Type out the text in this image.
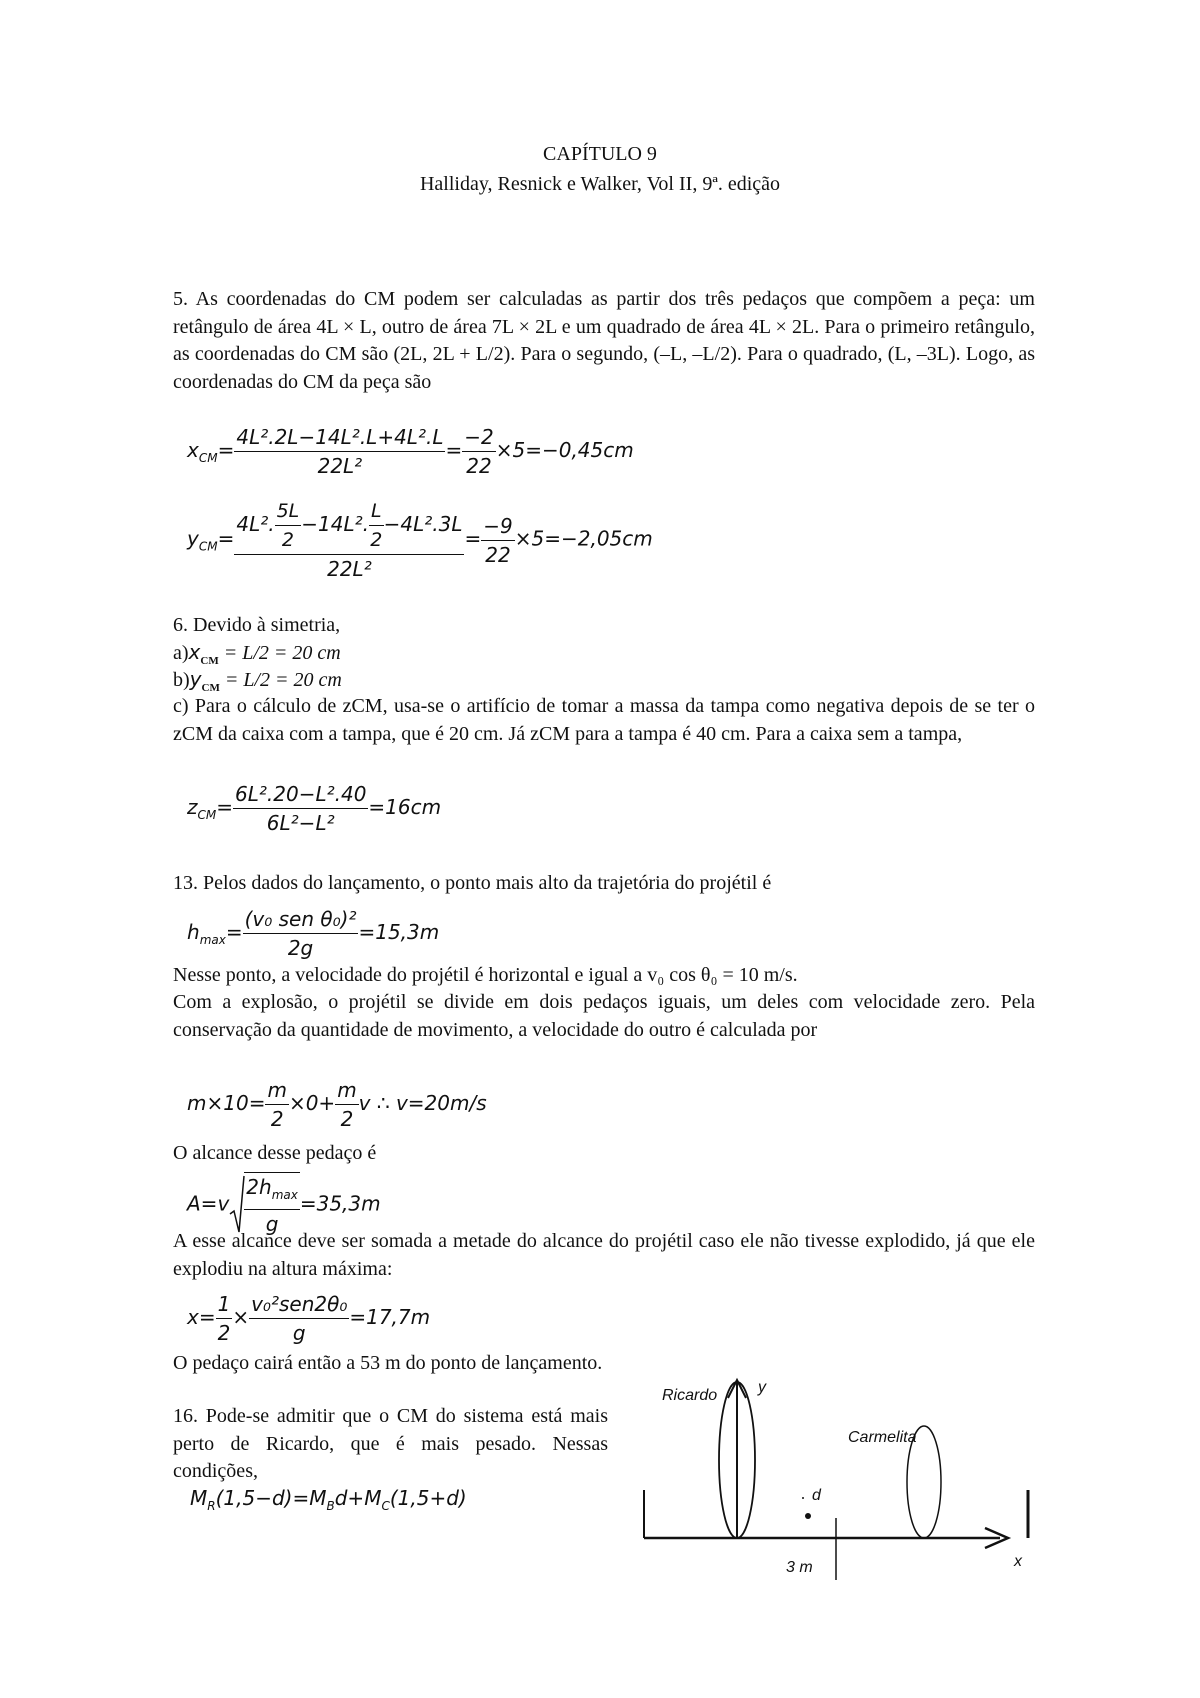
CAPÍTULO 9
Halliday, Resnick e Walker, Vol II, 9ª. edição

5. As coordenadas do CM podem ser calculadas as partir dos três pedaços que compõem a peça: um retângulo de área 4L × L, outro de área 7L × 2L e um quadrado de área 4L × 2L. Para o primeiro retângulo, as coordenadas do CM são (2L, 2L + L/2). Para o segundo, (–L, –L/2). Para o quadrado, (L, –3L). Logo, as coordenadas do CM da peça são

$x_{CM}= \frac{\text{4L².2L−14L².L+4L².L}}{\text{22L²}} = \frac{-2}{22} \times 5=-0,45cm$
$y_{CM}= \frac{4L^2. \frac{5L}{2} -14L^2. \frac{L}{2} -4L^2.3L}{\text{22L²}} = \frac{-9}{22} \times 5=-2,05cm$
6. Devido à simetria,
$a)x_{CM} = L/2 = 20$ cm
$b)y_{CM} = L/2 = 20$ cm

c) Para o cálculo de zCM, usa-se o artifício de tomar a massa da tampa como negativa depois de se ter o zCM da caixa com a tampa, que é 20 cm. Já zCM para a tampa é 40 cm. Para a caixa sem a tampa,

$z_{CM}= \frac{\text{6L².20−L².40}}{\text{6L²−L²}} =16cm$
13. Pelos dados do lançamento, o ponto mais alto da trajetória do projétil é
$h_{max}= \frac{\text{(v₀ sen θ₀)²}}{2g} =15,3m$
Nesse ponto, a velocidade do projétil é horizontal e igual a v₀ cos θ₀ = 10 m/s.

Com a explosão, o projétil se divide em dois pedaços iguais, um deles com velocidade zero. Pela conservação da quantidade de movimento, a velocidade do outro é calculada por

$m\times 10= \frac{m}{2} \times 0+ \frac{m}{2}$ v ∴ v=20m/s
O alcance desse pedaço é
$A=v \frac{2h_{max}}{g} =35,3m$

A esse alcance deve ser somada a metade do alcance do projétil caso ele não tivesse explodido, já que ele explodiu na altura máxima:

$x= \frac{1}{2} \times \frac{\text{v₀²sen2θ₀}}{g} =17,7m$
O pedaço cairá então a 53 m do ponto de lançamento.

16. Pode-se admitir que o CM do sistema está mais perto de Ricardo, que é mais pesado. Nessas condições,

$M_R(1,5-d)=M_Bd+M_C(1,5+d)$
Ricardo	y
Carmelita
d
3 m	x
